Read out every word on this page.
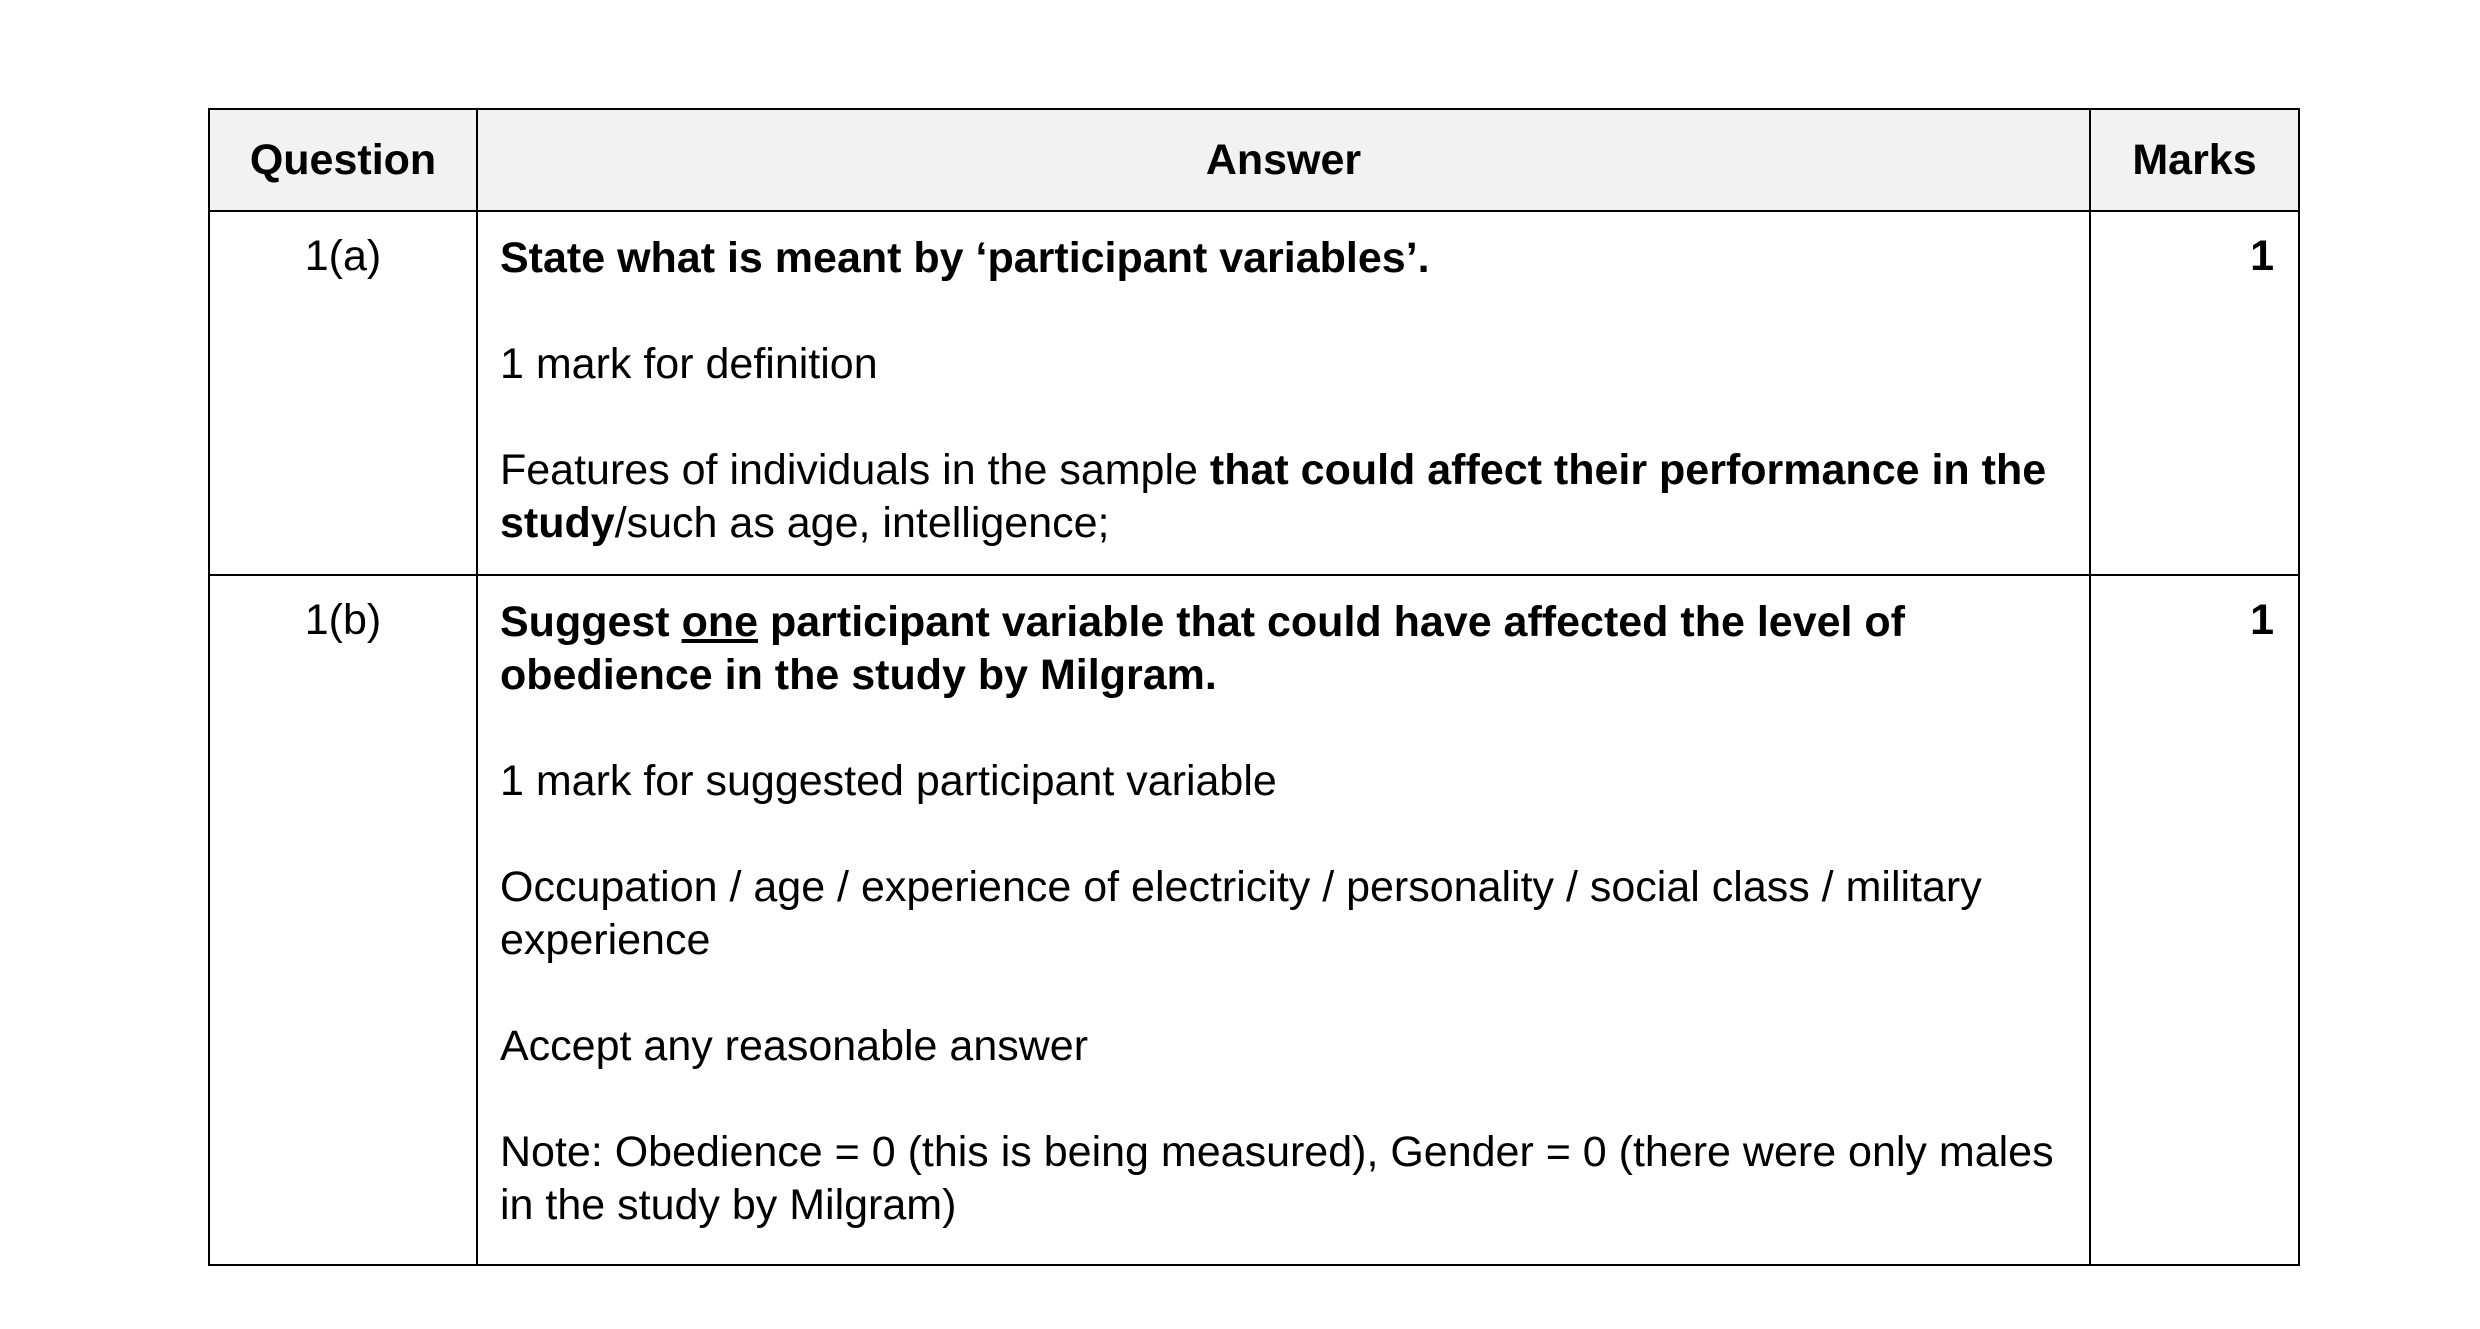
Question	Answer	Marks
1(a)	State what is meant by ‘participant variables’.

1 mark for definition

Features of individuals in the sample that could affect their performance in the study/such as age, intelligence;	1
1(b)	Suggest one participant variable that could have affected the level of obedience in the study by Milgram.

1 mark for suggested participant variable

Occupation / age / experience of electricity / personality / social class / military experience

Accept any reasonable answer

Note: Obedience = 0 (this is being measured), Gender = 0 (there were only males in the study by Milgram)	1
